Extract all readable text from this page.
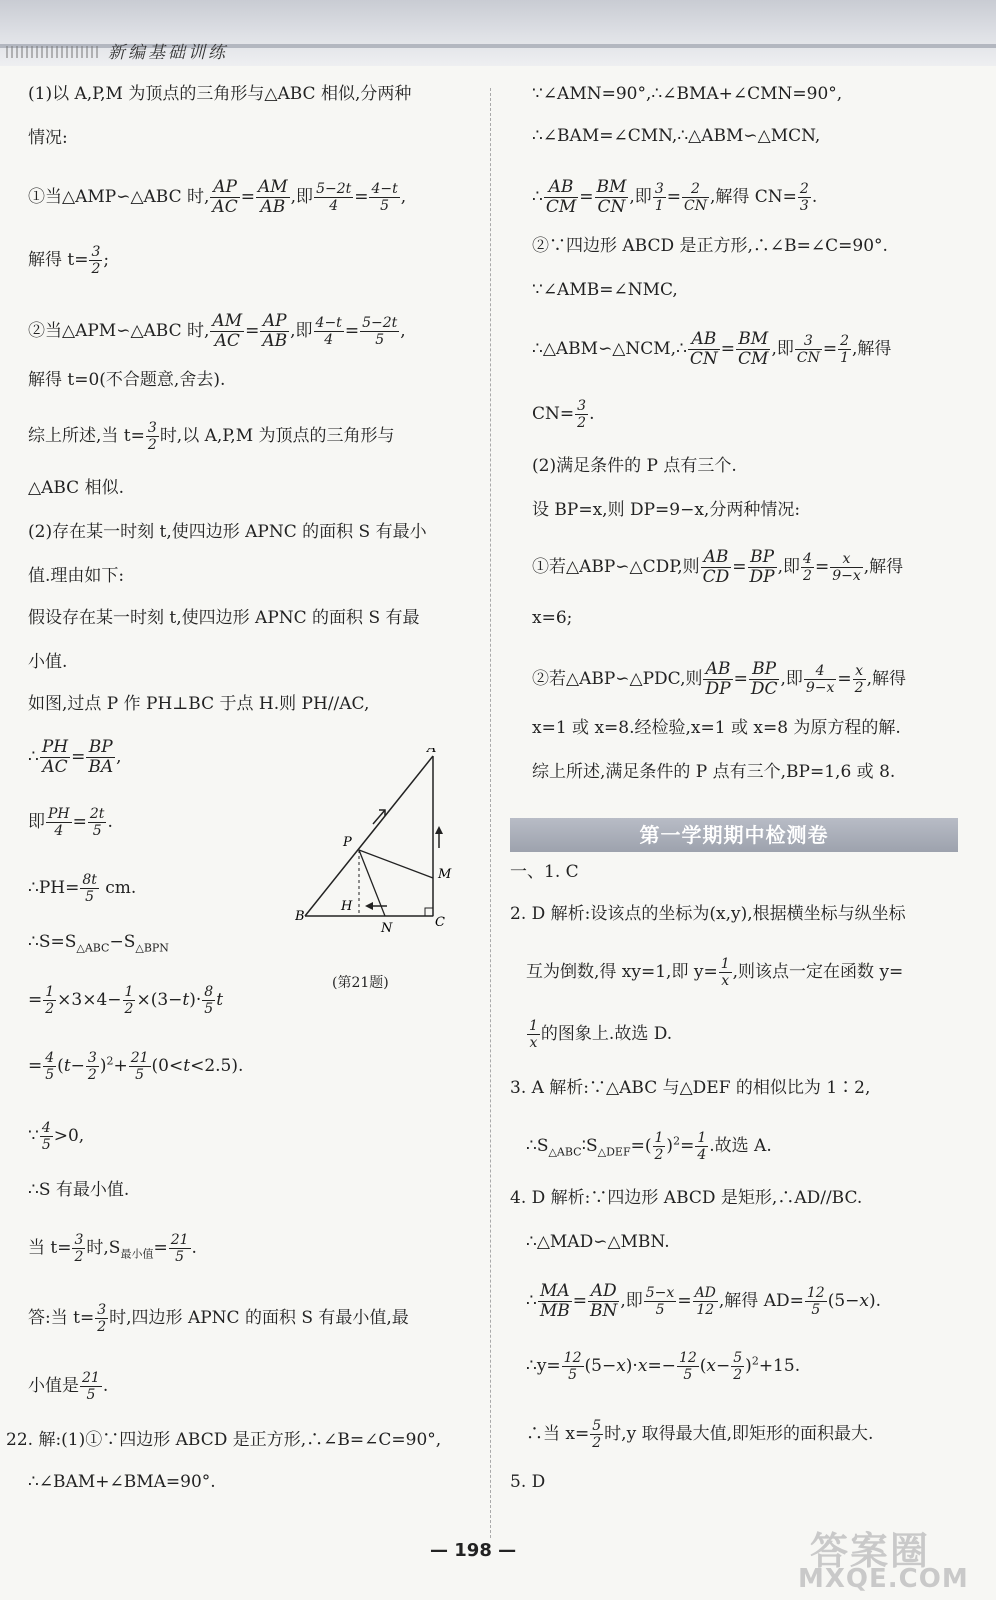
新编基础训练
(1)以 A,P,M 为顶点的三角形与△ABC 相似,分两种
情况:
①当△AMP∽△ABC 时, $\frac{AP}{AC} = \frac{AM}{AB}$ ,即 $\frac{5-2t}{4} = \frac{4-t}{5}$ ,
解得 $t= \frac{3}{2}$ ;
②当△APM∽△ABC 时, $\frac{AM}{AC} = \frac{AP}{AB}$ ,即 $\frac{4-t}{4} = \frac{5-2t}{5}$ ,
解得 t=0(不合题意,舍去).
综上所述,当 $t= \frac{3}{2}$ 时,以 A,P,M 为顶点的三角形与
△ABC 相似.
(2)存在某一时刻 t,使四边形 APNC 的面积 S 有最小
值.理由如下:
假设存在某一时刻 t,使四边形 APNC 的面积 S 有最
小值.
如图,过点 P 作 PH⊥BC 于点 H.则 PH//AC,
∴ $\frac{PH}{AC} = \frac{BP}{BA}$ ,
即 $\frac{PH}{4} = \frac{2t}{5}$ .
∴PH= $\frac{8t}{5}$ cm.
$\therefore S=S_{\triangle ABC}-S_{\triangle BPN}$
= $\frac{1}{2} \times 3\times 4- \frac{1}{2} \times(3-t)\cdot \frac{8}{5}$ t
= $\frac{4}{5} (t- \frac{3}{2} )^2+ \frac{21}{5} (0<t<2.5)$.
∵ $\frac{4}{5} >0$,
∴S 有最小值.
当 $t= \frac{3}{2}$ 时$,S_{最小值}= \frac{21}{5}$ .
答:当 $t= \frac{3}{2}$ 时,四边形 APNC 的面积 S 有最小值,最
小值是 $\frac{21}{5}$ .
22. 解:(1)①∵四边形 ABCD 是正方形,∴∠B=∠C=90°,
∴∠BAM+∠BMA=90°.
A
P
M
B
H
N	C
(第21题)
∵∠AMN=90°,∴∠BMA+∠CMN=90°,
∴∠BAM=∠CMN,∴△ABM∽△MCN,
∴ $\frac{AB}{CM} = \frac{BM}{CN}$ ,即 $\frac{3}{1} = \frac{2}{CN}$ ,解得 $CN= \frac{2}{3}$ .
②∵四边形 ABCD 是正方形,∴∠B=∠C=90°.
∵∠AMB=∠NMC,
∴△ABM∽△NCM,∴ $\frac{AB}{CN} = \frac{BM}{CM}$ ,即 $\frac{3}{CN} = \frac{2}{1}$ ,解得
$CN= \frac{3}{2}$ .
(2)满足条件的 P 点有三个.
设 BP=x,则 DP=9−x,分两种情况:
①若△ABP∽△CDP,则 $\frac{AB}{CD} = \frac{BP}{DP}$ ,即 $\frac{4}{2} = \frac{x}{9-x}$ ,解得
x=6;
②若△ABP∽△PDC,则 $\frac{AB}{DP} = \frac{BP}{DC}$ ,即 $\frac{4}{9-x} = \frac{x}{2}$ ,解得
x=1 或 x=8.经检验,x=1 或 x=8 为原方程的解.
综上所述,满足条件的 P 点有三个,BP=1,6 或 8.
第一学期期中检测卷
一、1. C
2. D 解析:设该点的坐标为(x,y),根据横坐标与纵坐标
互为倒数,得 xy=1,即 $y= \frac{1}{x}$ ,则该点一定在函数 y=
$\frac{1}{x}$ 的图象上.故选 D.
3. A 解析:∵△ABC 与△DEF 的相似比为 1∶2,
$\therefore S_{\triangle ABC}∶S_{\triangle DEF}=( \frac{1}{2} )^2= \frac{1}{4}$ .故选 A.
4. D 解析:∵四边形 ABCD 是矩形,∴AD//BC.
∴△MAD∽△MBN.
∴ $\frac{MA}{MB} = \frac{AD}{BN}$ ,即 $\frac{5-x}{5} = \frac{AD}{12}$ ,解得 $AD= \frac{12}{5} (5-x)$.
∴y= $\frac{12}{5} (5-x)\cdot x=- \frac{12}{5} (x- \frac{5}{2} )^2+15$.
∴当 $x= \frac{5}{2}$ 时,y 取得最大值,即矩形的面积最大.
5. D
— 198 —	答案圈
MXQE.COM
